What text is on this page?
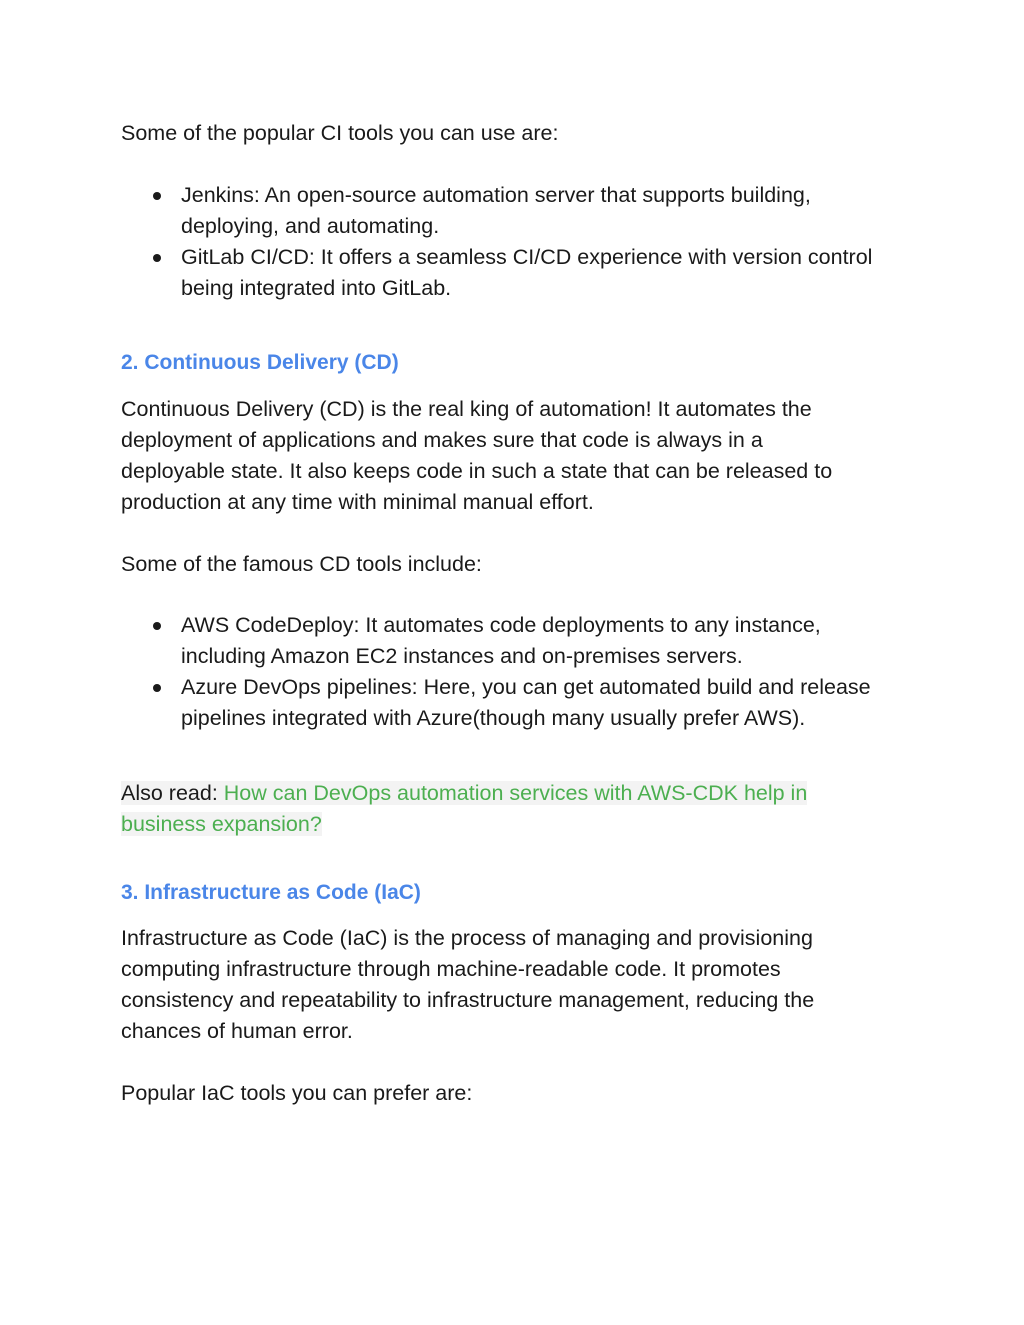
Some of the popular CI tools you can use are:

Jenkins: An open-source automation server that supports building,
deploying, and automating.
GitLab CI/CD: It offers a seamless CI/CD experience with version control
being integrated into GitLab.
2. Continuous Delivery (CD)

Continuous Delivery (CD) is the real king of automation! It automates the
deployment of applications and makes sure that code is always in a
deployable state. It also keeps code in such a state that can be released to
production at any time with minimal manual effort.

Some of the famous CD tools include:

AWS CodeDeploy: It automates code deployments to any instance,
including Amazon EC2 instances and on-premises servers.
Azure DevOps pipelines: Here, you can get automated build and release
pipelines integrated with Azure(though many usually prefer AWS).

Also read: How can DevOps automation services with AWS-CDK help in
business expansion?

3. Infrastructure as Code (IaC)

Infrastructure as Code (IaC) is the process of managing and provisioning
computing infrastructure through machine-readable code. It promotes
consistency and repeatability to infrastructure management, reducing the
chances of human error.

Popular IaC tools you can prefer are:
